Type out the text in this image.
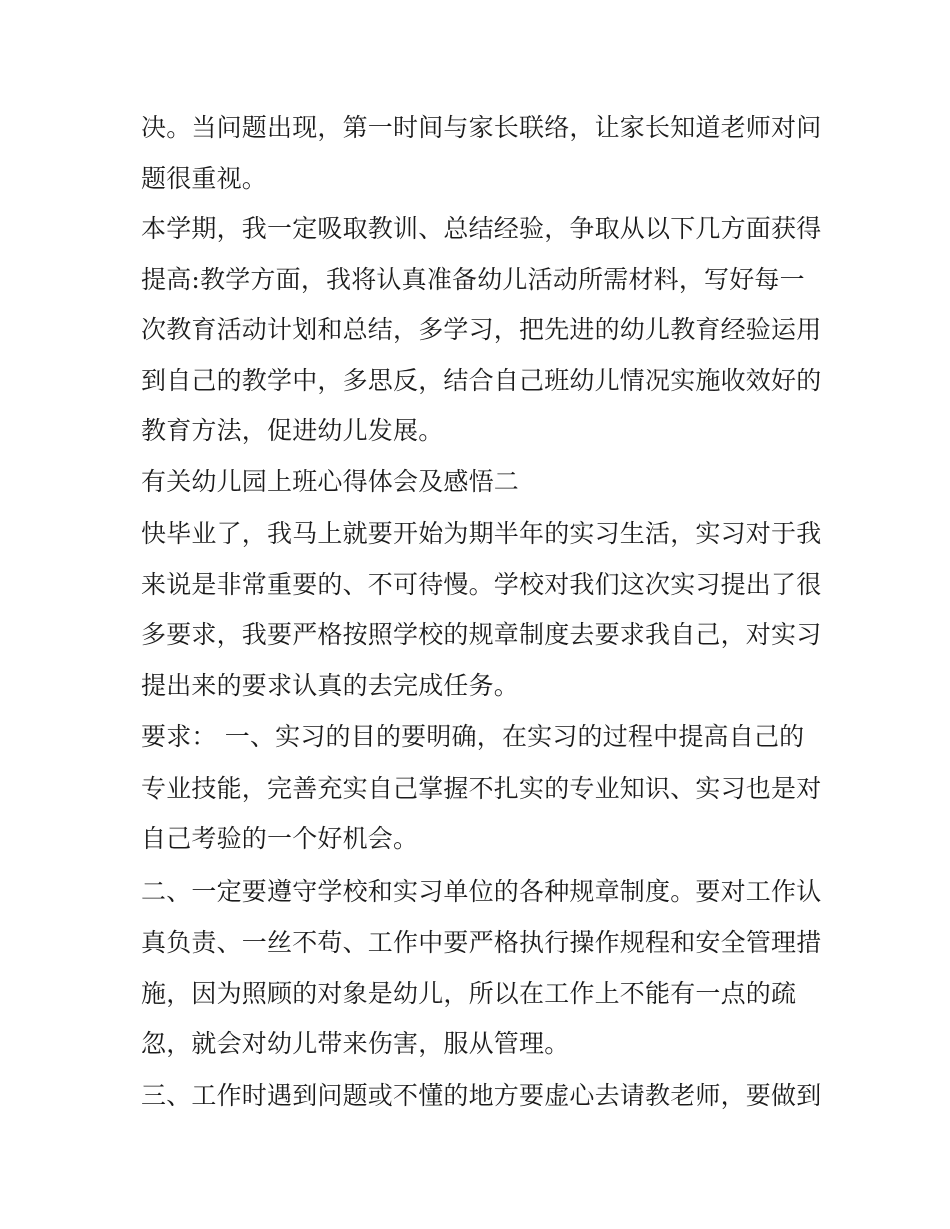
决。当问题出现，第一时间与家长联络，让家长知道老师对问
题很重视。
本学期，我一定吸取教训、总结经验，争取从以下几方面获得
提高:教学方面，我将认真准备幼儿活动所需材料，写好每一
次教育活动计划和总结，多学习，把先进的幼儿教育经验运用
到自己的教学中，多思反，结合自己班幼儿情况实施收效好的
教育方法，促进幼儿发展。
有关幼儿园上班心得体会及感悟二
快毕业了，我马上就要开始为期半年的实习生活，实习对于我
来说是非常重要的、不可待慢。学校对我们这次实习提出了很
多要求，我要严格按照学校的规章制度去要求我自己，对实习
提出来的要求认真的去完成任务。
要求： 一、实习的目的要明确，在实习的过程中提高自己的
专业技能，完善充实自己掌握不扎实的专业知识、实习也是对
自己考验的一个好机会。
二、一定要遵守学校和实习单位的各种规章制度。要对工作认
真负责、一丝不苟、工作中要严格执行操作规程和安全管理措
施，因为照顾的对象是幼儿，所以在工作上不能有一点的疏
忽，就会对幼儿带来伤害，服从管理。
三、工作时遇到问题或不懂的地方要虚心去请教老师，要做到
